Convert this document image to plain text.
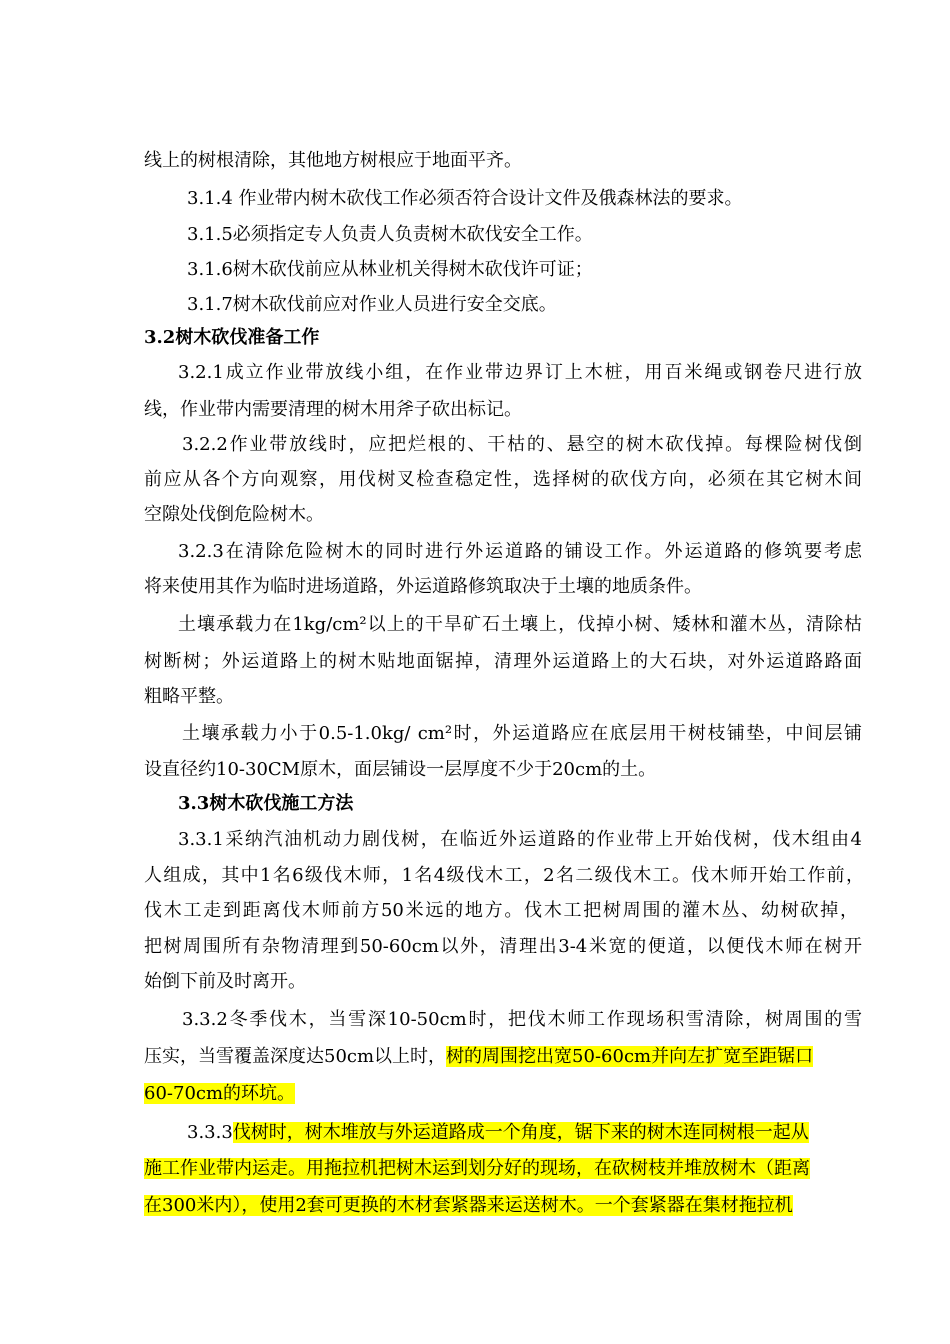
线上的树根清除，其他地方树根应于地面平齐。
3.1.4 作业带内树木砍伐工作必须否符合设计文件及俄森林法的要求。
3.1.5必须指定专人负责人负责树木砍伐安全工作。
3.1.6树木砍伐前应从林业机关得树木砍伐许可证；
3.1.7树木砍伐前应对作业人员进行安全交底。
3.2树木砍伐准备工作
3.2.1成立作业带放线小组，在作业带边界订上木桩，用百米绳或钢卷尺进行放
线，作业带内需要清理的树木用斧子砍出标记。
3.2.2作业带放线时，应把烂根的、干枯的、悬空的树木砍伐掉。每棵险树伐倒
前应从各个方向观察，用伐树叉检查稳定性，选择树的砍伐方向，必须在其它树木间
空隙处伐倒危险树木。
3.2.3在清除危险树木的同时进行外运道路的铺设工作。外运道路的修筑要考虑
将来使用其作为临时进场道路，外运道路修筑取决于土壤的地质条件。
土壤承载力在1kg/cm²以上的干旱矿石土壤上，伐掉小树、矮林和灌木丛，清除枯
树断树；外运道路上的树木贴地面锯掉，清理外运道路上的大石块，对外运道路路面
粗略平整。
土壤承载力小于0.5-1.0kg/ cm²时，外运道路应在底层用干树枝铺垫，中间层铺
设直径约10-30CM原木，面层铺设一层厚度不少于20cm的土。
3.3树木砍伐施工方法
3.3.1采纳汽油机动力剧伐树，在临近外运道路的作业带上开始伐树，伐木组由4
人组成，其中1名6级伐木师，1名4级伐木工，2名二级伐木工。伐木师开始工作前，
伐木工走到距离伐木师前方50米远的地方。伐木工把树周围的灌木丛、幼树砍掉，
把树周围所有杂物清理到50-60cm以外，清理出3-4米宽的便道，以便伐木师在树开
始倒下前及时离开。
3.3.2冬季伐木，当雪深10-50cm时，把伐木师工作现场积雪清除，树周围的雪
压实，当雪覆盖深度达50cm以上时，树的周围挖出宽50-60cm并向左扩宽至距锯口
60-70cm的环坑。
3.3.3伐树时，树木堆放与外运道路成一个角度，锯下来的树木连同树根一起从
施工作业带内运走。用拖拉机把树木运到划分好的现场，在砍树枝并堆放树木（距离
在300米内），使用2套可更换的木材套紧器来运送树木。一个套紧器在集材拖拉机
